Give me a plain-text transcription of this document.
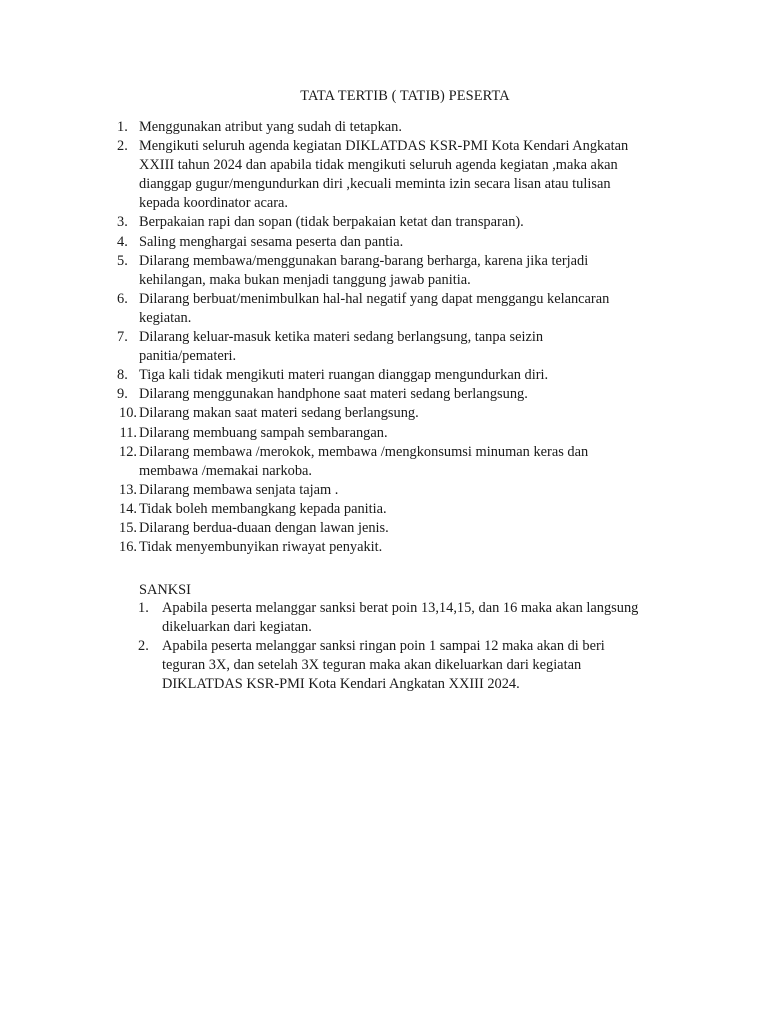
TATA TERTIB ( TATIB) PESERTA
1. Menggunakan atribut yang sudah di tetapkan.
2. Mengikuti seluruh agenda kegiatan DIKLATDAS KSR-PMI Kota Kendari Angkatan
XXIII tahun 2024 dan apabila tidak mengikuti seluruh agenda kegiatan ,maka akan
dianggap gugur/mengundurkan diri ,kecuali meminta izin secara lisan atau tulisan
kepada koordinator acara.
3. Berpakaian rapi dan sopan (tidak berpakaian ketat dan transparan).
4. Saling menghargai sesama peserta dan pantia.
5. Dilarang membawa/menggunakan barang-barang berharga, karena jika terjadi
kehilangan, maka bukan menjadi tanggung jawab panitia.
6. Dilarang berbuat/menimbulkan hal-hal negatif yang dapat menggangu kelancaran
kegiatan.
7. Dilarang keluar-masuk ketika materi sedang berlangsung, tanpa seizin
panitia/pemateri.
8. Tiga kali tidak mengikuti materi ruangan dianggap mengundurkan diri.
9. Dilarang menggunakan handphone saat materi sedang berlangsung.
10. Dilarang makan saat materi sedang berlangsung.
11. Dilarang membuang sampah sembarangan.
12. Dilarang membawa /merokok, membawa /mengkonsumsi minuman keras dan
membawa /memakai narkoba.
13. Dilarang membawa senjata tajam .
14. Tidak boleh membangkang kepada panitia.
15. Dilarang berdua-duaan dengan lawan jenis.
16. Tidak menyembunyikan riwayat penyakit.
SANKSI
1. Apabila peserta melanggar sanksi berat poin 13,14,15, dan 16 maka akan langsung
dikeluarkan dari kegiatan.
2. Apabila peserta melanggar sanksi ringan poin 1 sampai 12 maka akan di beri
teguran 3X, dan setelah 3X teguran maka akan dikeluarkan dari kegiatan
DIKLATDAS KSR-PMI Kota Kendari Angkatan XXIII 2024.
